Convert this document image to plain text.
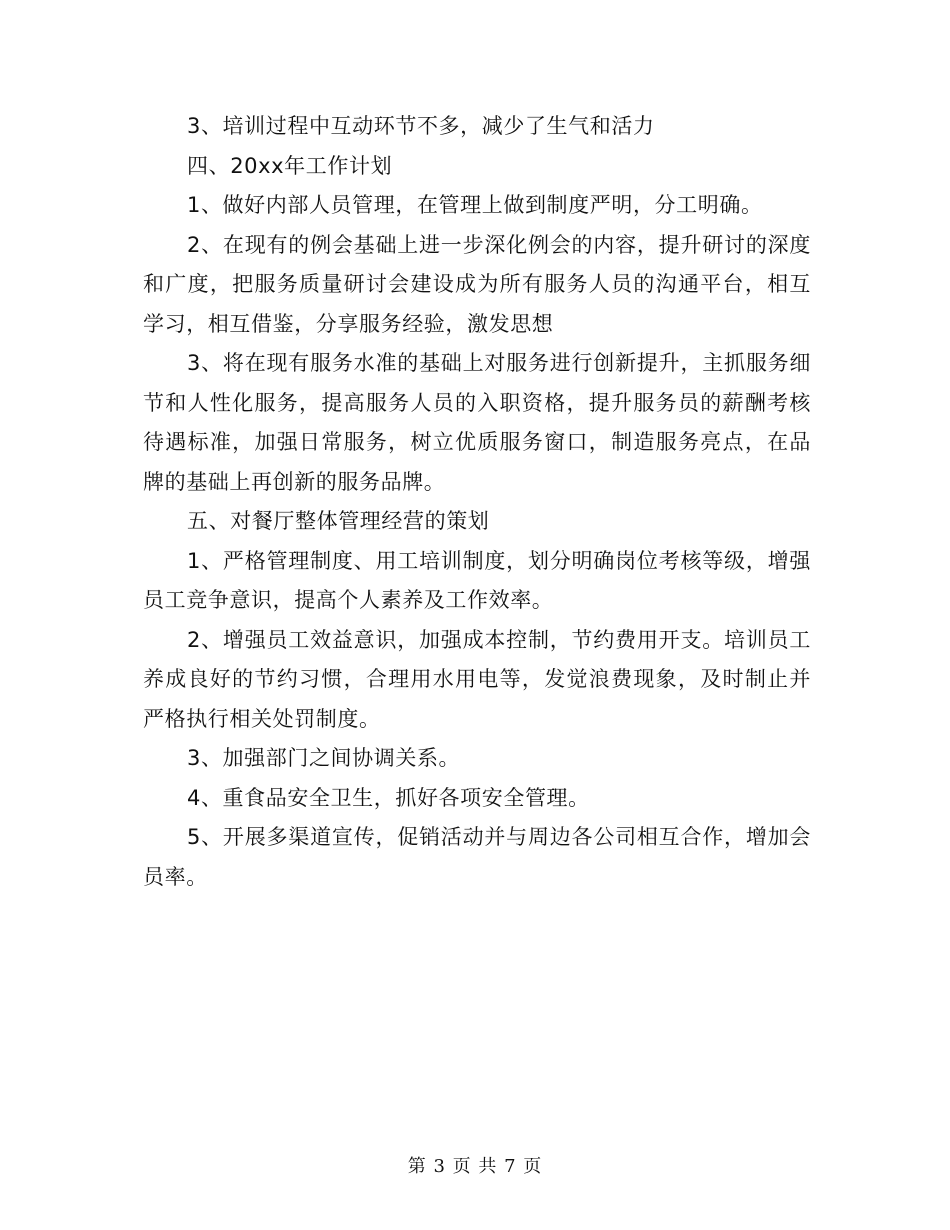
3、培训过程中互动环节不多，减少了生气和活力

四、20xx年工作计划

1、做好内部人员管理，在管理上做到制度严明，分工明确。

2、在现有的例会基础上进一步深化例会的内容，提升研讨的深度和广度，把服务质量研讨会建设成为所有服务人员的沟通平台，相互学习，相互借鉴，分享服务经验，激发思想

3、将在现有服务水准的基础上对服务进行创新提升，主抓服务细节和人性化服务，提高服务人员的入职资格，提升服务员的薪酬考核待遇标准，加强日常服务，树立优质服务窗口，制造服务亮点，在品牌的基础上再创新的服务品牌。

五、对餐厅整体管理经营的策划

1、严格管理制度、用工培训制度，划分明确岗位考核等级，增强员工竞争意识，提高个人素养及工作效率。

2、增强员工效益意识，加强成本控制，节约费用开支。培训员工养成良好的节约习惯，合理用水用电等，发觉浪费现象，及时制止并严格执行相关处罚制度。

3、加强部门之间协调关系。

4、重食品安全卫生，抓好各项安全管理。

5、开展多渠道宣传，促销活动并与周边各公司相互合作，增加会员率。

第 3 页 共 7 页
